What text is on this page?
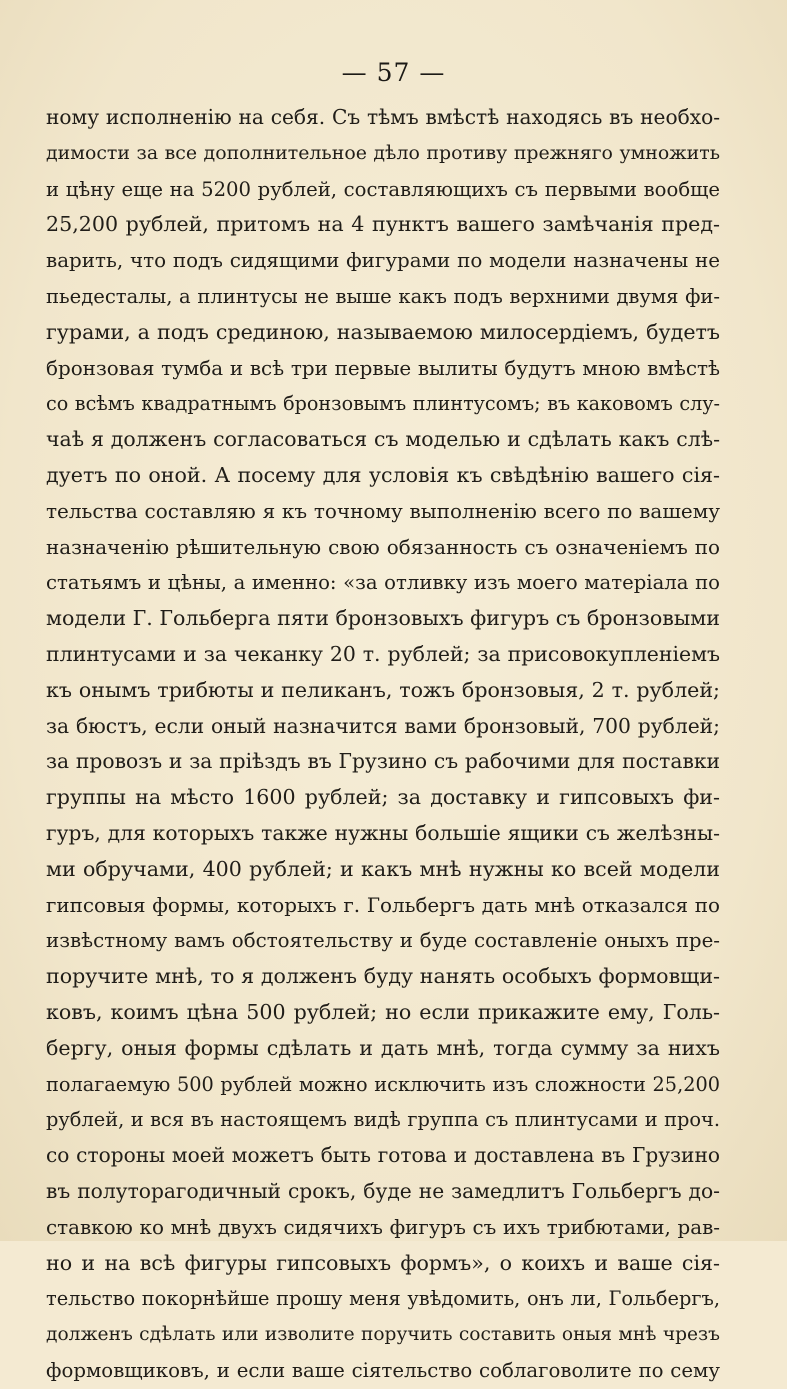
— 57 —
ному исполненію на себя. Съ тѣмъ вмѣстѣ находясь въ необхо-
димости за все дополнительное дѣло противу прежняго умножить
и цѣну еще на 5200 рублей, составляющихъ съ первыми вообще
25,200 рублей, притомъ на 4 пунктъ вашего замѣчанія пред-
варить, что подъ сидящими фигурами по модели назначены не
пьедесталы, а плинтусы не выше какъ подъ верхними двумя фи-
гурами, а подъ срединою, называемою милосердіемъ, будетъ
бронзовая тумба и всѣ три первые вылиты будутъ мною вмѣстѣ
со всѣмъ квадратнымъ бронзовымъ плинтусомъ; въ каковомъ слу-
чаѣ я долженъ согласоваться съ моделью и сдѣлать какъ слѣ-
дуетъ по оной. А посему для условія къ свѣдѣнію вашего сія-
тельства составляю я къ точному выполненію всего по вашему
назначенію рѣшительную свою обязанность съ означеніемъ по
статьямъ и цѣны, а именно: «за отливку изъ моего матеріала по
модели Г. Гольберга пяти бронзовыхъ фигуръ съ бронзовыми
плинтусами и за чеканку 20 т. рублей; за присовокупленіемъ
къ онымъ трибюты и пеликанъ, тожъ бронзовыя, 2 т. рублей;
за бюстъ, если оный назначится вами бронзовый, 700 рублей;
за провозъ и за пріѣздъ въ Грузино съ рабочими для поставки
группы на мѣсто 1600 рублей; за доставку и гипсовыхъ фи-
гуръ, для которыхъ также нужны большіе ящики съ желѣзны-
ми обручами, 400 рублей; и какъ мнѣ нужны ко всей модели
гипсовыя формы, которыхъ г. Гольбергъ дать мнѣ отказался по
извѣстному вамъ обстоятельству и буде составленіе оныхъ пре-
поручите мнѣ, то я долженъ буду нанять особыхъ формовщи-
ковъ, коимъ цѣна 500 рублей; но если прикажите ему, Голь-
бергу, оныя формы сдѣлать и дать мнѣ, тогда сумму за нихъ
полагаемую 500 рублей можно исключить изъ сложности 25,200
рублей, и вся въ настоящемъ видѣ группа съ плинтусами и проч.
со стороны моей можетъ быть готова и доставлена въ Грузино
въ полуторагодичный срокъ, буде не замедлитъ Гольбергъ до-
ставкою ко мнѣ двухъ сидячихъ фигуръ съ ихъ трибютами, рав-
но и на всѣ фигуры гипсовыхъ формъ», о коихъ и ваше сія-
тельство покорнѣйше прошу меня увѣдомить, онъ ли, Гольбергъ,
долженъ сдѣлать или изволите поручить составить оныя мнѣ чрезъ
формовщиковъ, и если ваше сіятельство соблаговолите по сему
